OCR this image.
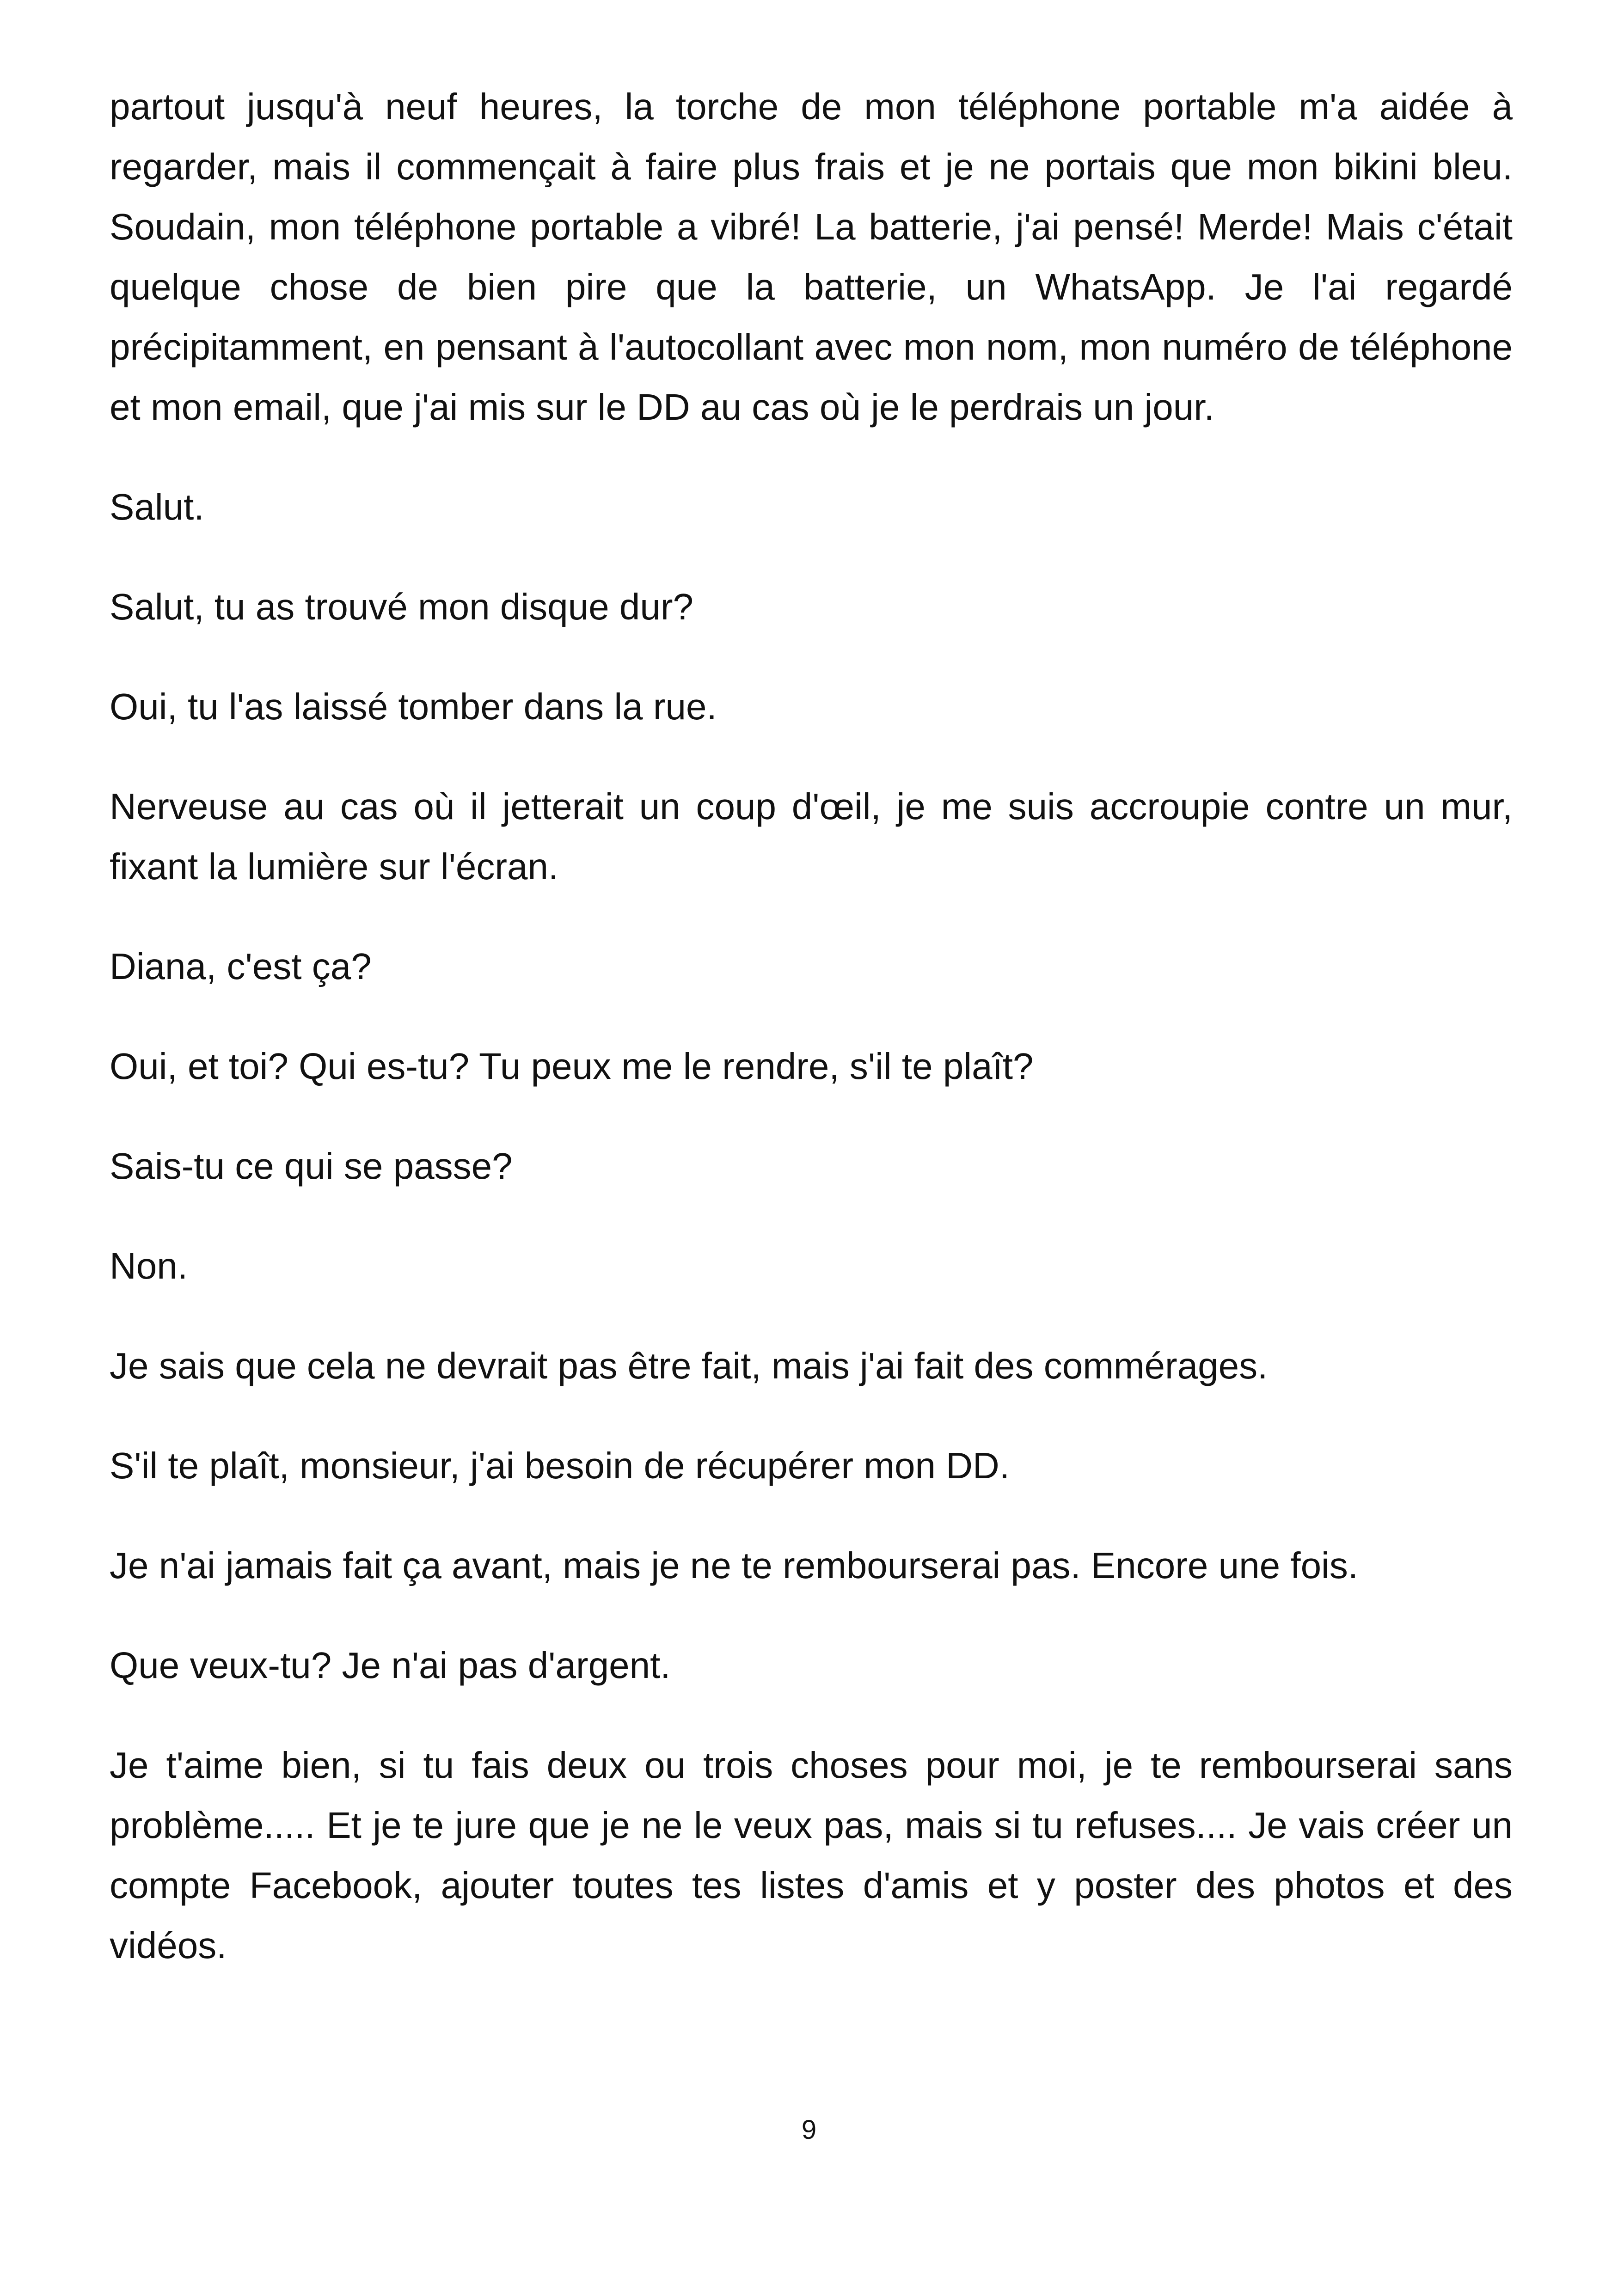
partout jusqu'à neuf heures, la torche de mon téléphone portable m'a aidée à regarder, mais il commençait à faire plus frais et je ne portais que mon bikini bleu. Soudain, mon téléphone portable a vibré! La batterie, j'ai pensé! Merde! Mais c'était quelque chose de bien pire que la batterie, un WhatsApp. Je l'ai regardé précipitamment, en pensant à l'autocollant avec mon nom, mon numéro de téléphone et mon email, que j'ai mis sur le DD au cas où je le perdrais un jour.

Salut.

Salut, tu as trouvé mon disque dur?

Oui, tu l'as laissé tomber dans la rue.

Nerveuse au cas où il jetterait un coup d'œil, je me suis accroupie contre un mur, fixant la lumière sur l'écran.

Diana, c'est ça?

Oui, et toi? Qui es-tu? Tu peux me le rendre, s'il te plaît?

Sais-tu ce qui se passe?

Non.

Je sais que cela ne devrait pas être fait, mais j'ai fait des commérages.

S'il te plaît, monsieur, j'ai besoin de récupérer mon DD.

Je n'ai jamais fait ça avant, mais je ne te rembourserai pas. Encore une fois.

Que veux-tu? Je n'ai pas d'argent.

Je t'aime bien, si tu fais deux ou trois choses pour moi, je te rembourserai sans problème..... Et je te jure que je ne le veux pas, mais si tu refuses.... Je vais créer un compte Facebook, ajouter toutes tes listes d'amis et y poster des photos et des vidéos.

9
